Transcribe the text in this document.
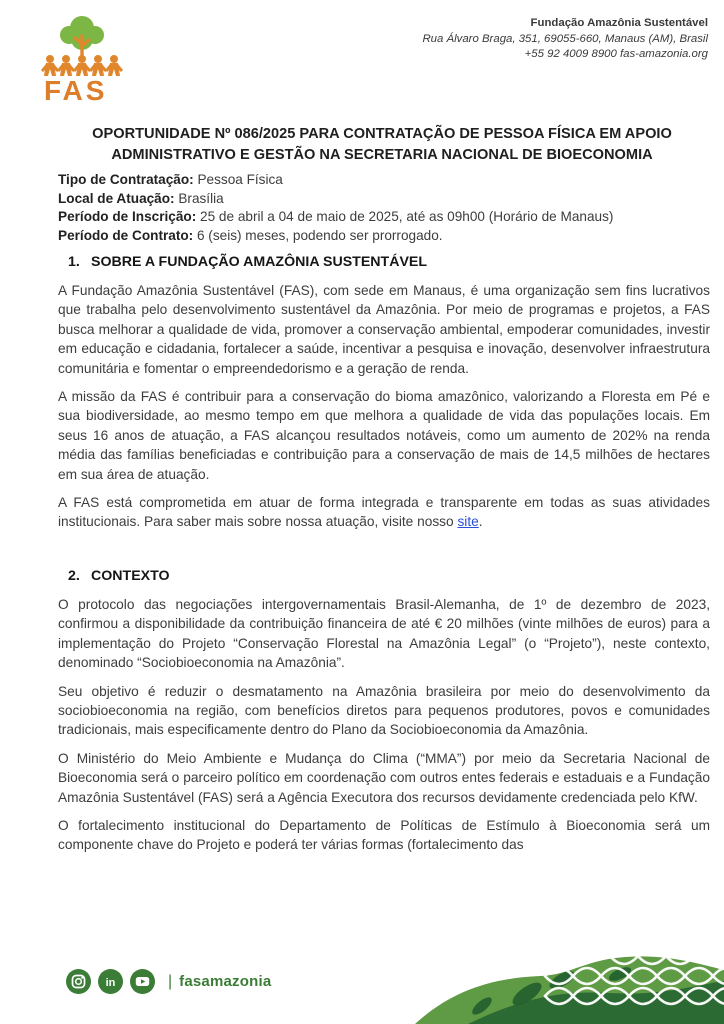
FAS
Fundação Amazônia Sustentável
Rua Álvaro Braga, 351, 69055-660, Manaus (AM), Brasil
+55 92 4009 8900 fas-amazonia.org
OPORTUNIDADE Nº 086/2025 PARA CONTRATAÇÃO DE PESSOA FÍSICA EM APOIO ADMINISTRATIVO E GESTÃO NA SECRETARIA NACIONAL DE BIOECONOMIA
Tipo de Contratação: Pessoa Física
Local de Atuação: Brasília
Período de Inscrição: 25 de abril a 04 de maio de 2025, até as 09h00 (Horário de Manaus)
Período de Contrato: 6 (seis) meses, podendo ser prorrogado.
1. SOBRE A FUNDAÇÃO AMAZÔNIA SUSTENTÁVEL

A Fundação Amazônia Sustentável (FAS), com sede em Manaus, é uma organização sem fins lucrativos que trabalha pelo desenvolvimento sustentável da Amazônia. Por meio de programas e projetos, a FAS busca melhorar a qualidade de vida, promover a conservação ambiental, empoderar comunidades, investir em educação e cidadania, fortalecer a saúde, incentivar a pesquisa e inovação, desenvolver infraestrutura comunitária e fomentar o empreendedorismo e a geração de renda.

A missão da FAS é contribuir para a conservação do bioma amazônico, valorizando a Floresta em Pé e sua biodiversidade, ao mesmo tempo em que melhora a qualidade de vida das populações locais. Em seus 16 anos de atuação, a FAS alcançou resultados notáveis, como um aumento de 202% na renda média das famílias beneficiadas e contribuição para a conservação de mais de 14,5 milhões de hectares em sua área de atuação.

A FAS está comprometida em atuar de forma integrada e transparente em todas as suas atividades institucionais. Para saber mais sobre nossa atuação, visite nosso site.

2. CONTEXTO

O protocolo das negociações intergovernamentais Brasil-Alemanha, de 1º de dezembro de 2023, confirmou a disponibilidade da contribuição financeira de até € 20 milhões (vinte milhões de euros) para a implementação do Projeto “Conservação Florestal na Amazônia Legal” (o “Projeto”), neste contexto, denominado “Sociobioeconomia na Amazônia”.

Seu objetivo é reduzir o desmatamento na Amazônia brasileira por meio do desenvolvimento da sociobioeconomia na região, com benefícios diretos para pequenos produtores, povos e comunidades tradicionais, mais especificamente dentro do Plano da Sociobioeconomia da Amazônia.

O Ministério do Meio Ambiente e Mudança do Clima (“MMA”) por meio da Secretaria Nacional de Bioeconomia será o parceiro político em coordenação com outros entes federais e estaduais e a Fundação Amazônia Sustentável (FAS) será a Agência Executora dos recursos devidamente credenciada pelo KfW.

O fortalecimento institucional do Departamento de Políticas de Estímulo à Bioeconomia será um componente chave do Projeto e poderá ter várias formas (fortalecimento das

in	| fasamazonia
